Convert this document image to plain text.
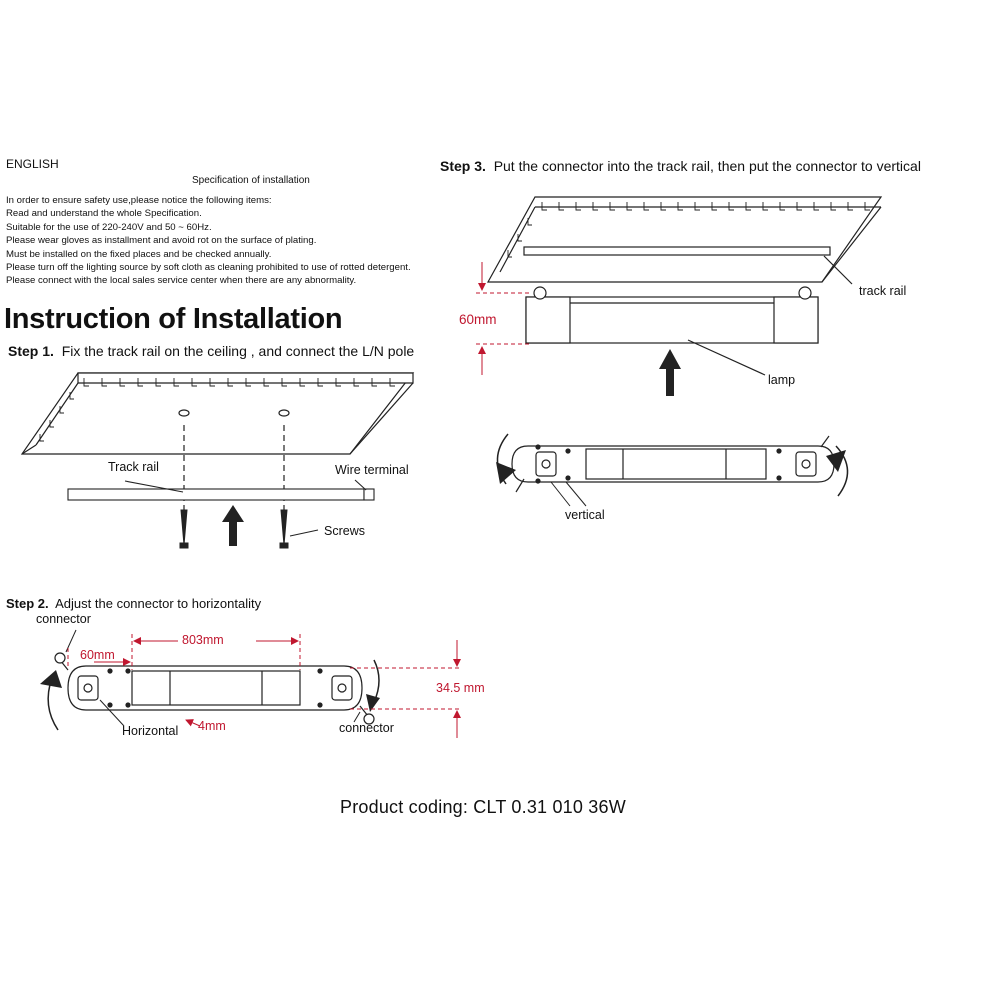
ENGLISH
Specification of installation
In order to ensure safety use,please notice the following items:
Read and understand the whole Specification.
Suitable for the use of 220-240V and 50 ~ 60Hz.
Please wear gloves as installment and avoid rot on the surface of plating.
Must be installed on the fixed places and be checked annually.
Please turn off the lighting source by soft cloth as cleaning prohibited to use of rotted detergent.
Please connect with the local sales service center when there are any abnormality.
Instruction of Installation
Step 1. Fix the track rail on the ceiling , and connect the L/N pole
Step 2. Adjust the connector to horizontality
Step 3. Put the connector into the track rail, then put the connector to vertical
Track rail	Wire terminal
Screws
track rail
60mm
lamp
vertical
connector
803mm
60mm
34.5 mm
Horizontal 4mm	connector
Product coding: CLT 0.31 010 36W
